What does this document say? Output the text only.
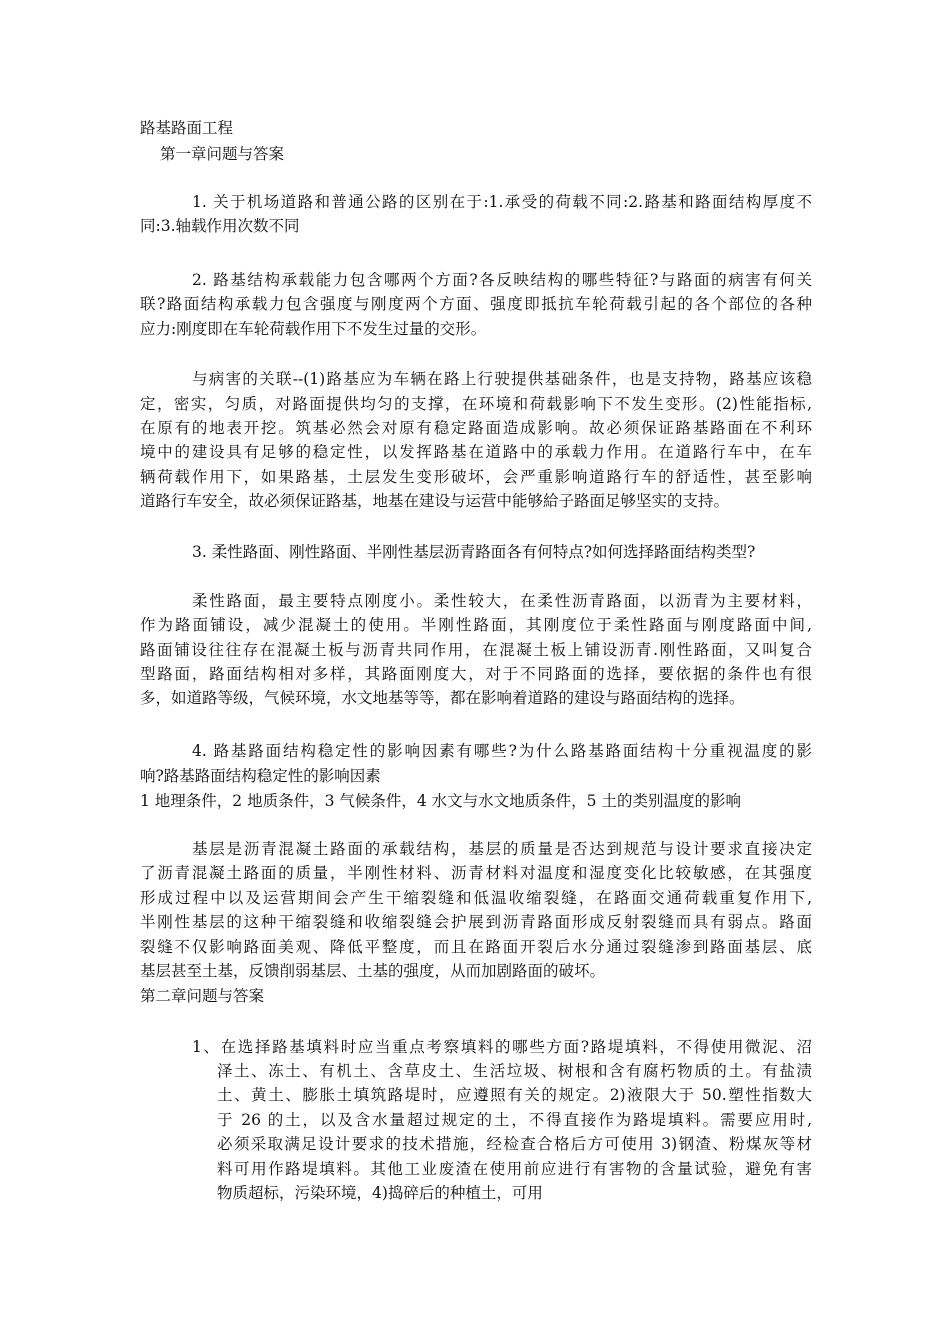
路基路面工程

第一章问题与答案

1. 关于机场道路和普通公路的区别在于:1.承受的荷载不同:2.路基和路面结构厚度不

同:3.轴载作用次数不同

2. 路基结构承载能力包含哪两个方面?各反映结构的哪些特征?与路面的病害有何关

联?路面结构承载力包含强度与刚度两个方面、强度即抵抗车轮荷载引起的各个部位的各种

应力:刚度即在车轮荷载作用下不发生过量的交形。

与病害的关联--(1)路基应为车辆在路上行驶提供基础条件，也是支持物，路基应该稳

定，密实，匀质，对路面提供均匀的支撑，在环境和荷载影响下不发生变形。(2)性能指标,

在原有的地表开挖。筑基必然会对原有稳定路面造成影响。故必须保证路基路面在不利环

境中的建设具有足够的稳定性，以发挥路基在道路中的承载力作用。在道路行车中，在车

辆荷载作用下，如果路基，土层发生变形破坏，会严重影响道路行车的舒适性，甚至影响

道路行车安全，故必须保证路基，地基在建设与运营中能够給子路面足够坚实的支持。

3. 柔性路面、刚性路面、半刚性基层沥青路面各有何特点?如何选择路面结构类型?

柔性路面，最主要特点刚度小。柔性较大，在柔性沥青路面，以沥青为主要材料，

作为路面铺设，减少混凝土的使用。半刚性路面，其刚度位于柔性路面与刚度路面中间,

路面铺设往往存在混凝土板与沥青共同作用，在混凝土板上铺设沥青.刚性路面，又叫复合

型路面，路面结构相对多样，其路面刚度大，对于不同路面的选择，要依据的条件也有很

多，如道路等级，气候环境，水文地基等等，都在影响着道路的建设与路面结构的选择。

4. 路基路面结构稳定性的影响因素有哪些?为什么路基路面结构十分重视温度的影

响?路基路面结构稳定性的影响因素

1 地理条件，2 地质条件，3 气候条件，4 水文与水文地质条件，5 土的类别温度的影响

基层是沥青混凝土路面的承载结构，基层的质量是否达到规范与设计要求直接决定

了沥青混凝土路面的质量，半刚性材料、沥青材料对温度和湿度变化比较敏感，在其强度

形成过程中以及运营期间会产生干缩裂缝和低温收缩裂缝，在路面交通荷载重复作用下,

半刚性基层的这种干缩裂缝和收缩裂缝会护展到沥青路面形成反射裂缝而具有弱点。路面

裂缝不仅影响路面美观、降低平整度，而且在路面开裂后水分通过裂缝渗到路面基层、底

基层甚至土基，反馈削弱基层、土基的强度，从而加剧路面的破坏。

第二章问题与答案

1、在选择路基填料时应当重点考察填料的哪些方面?路堤填料，不得使用微泥、沼

泽土、冻土、有机土、含草皮土、生活垃圾、树根和含有腐朽物质的土。有盐渍

土、黄土、膨胀土填筑路堤时，应遵照有关的规定。2)液限大于 50.塑性指数大

于 26 的土，以及含水量超过规定的土，不得直接作为路堤填料。需要应用时,

必须采取满足设计要求的技术措施，经检查合格后方可使用 3)钢渣、粉煤灰等材

料可用作路堤填料。其他工业废渣在使用前应进行有害物的含量试验，避免有害

物质超标，污染环境，4)捣碎后的种植土，可用
